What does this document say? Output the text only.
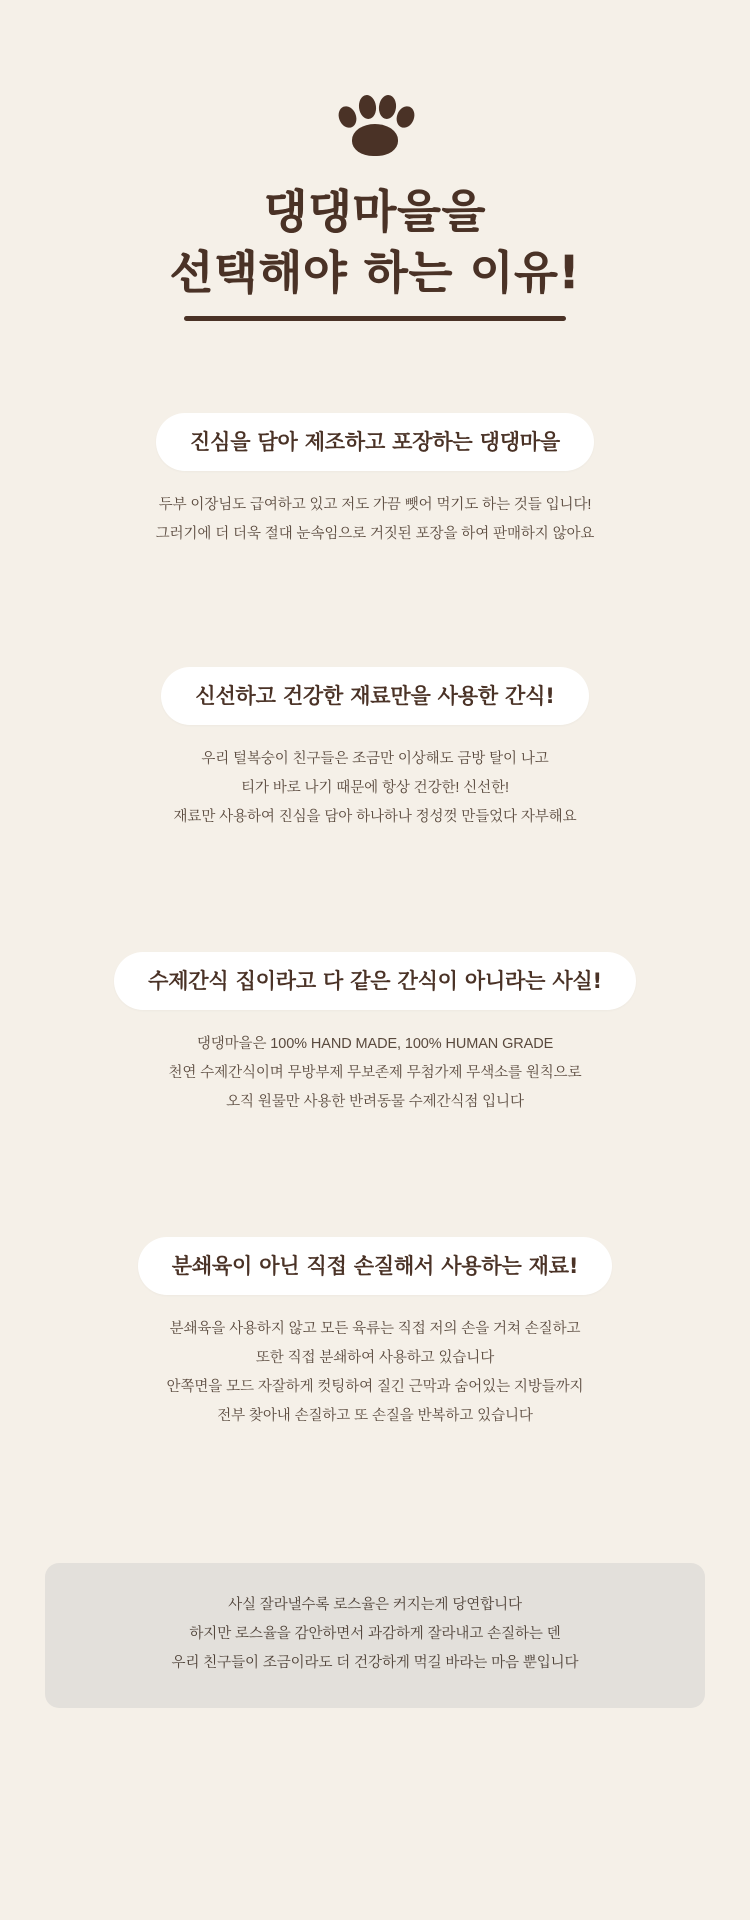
댕댕마을을
선택해야 하는 이유!
진심을 담아 제조하고 포장하는 댕댕마을
두부 이장님도 급여하고 있고 저도 가끔 뺏어 먹기도 하는 것들 입니다!
그러기에 더 더욱 절대 눈속임으로 거짓된 포장을 하여 판매하지 않아요
신선하고 건강한 재료만을 사용한 간식!
우리 털복숭이 친구들은 조금만 이상해도 금방 탈이 나고
티가 바로 나기 때문에 항상 건강한! 신선한!
재료만 사용하여 진심을 담아 하나하나 정성껏 만들었다 자부해요
수제간식 집이라고 다 같은 간식이 아니라는 사실!
댕댕마을은 100% HAND MADE, 100% HUMAN GRADE
천연 수제간식이며 무방부제 무보존제 무첨가제 무색소를 원칙으로
오직 원물만 사용한 반려동물 수제간식점 입니다
분쇄육이 아닌 직접 손질해서 사용하는 재료!
분쇄육을 사용하지 않고 모든 육류는 직접 저의 손을 거쳐 손질하고
또한 직접 분쇄하여 사용하고 있습니다
안쪽면을 모드 자잘하게 컷팅하여 질긴 근막과 숨어있는 지방들까지
전부 찾아내 손질하고 또 손질을 반복하고 있습니다
사실 잘라낼수록 로스율은 커지는게 당연합니다
하지만 로스율을 감안하면서 과감하게 잘라내고 손질하는 덴
우리 친구들이 조금이라도 더 건강하게 먹길 바라는 마음 뿐입니다
